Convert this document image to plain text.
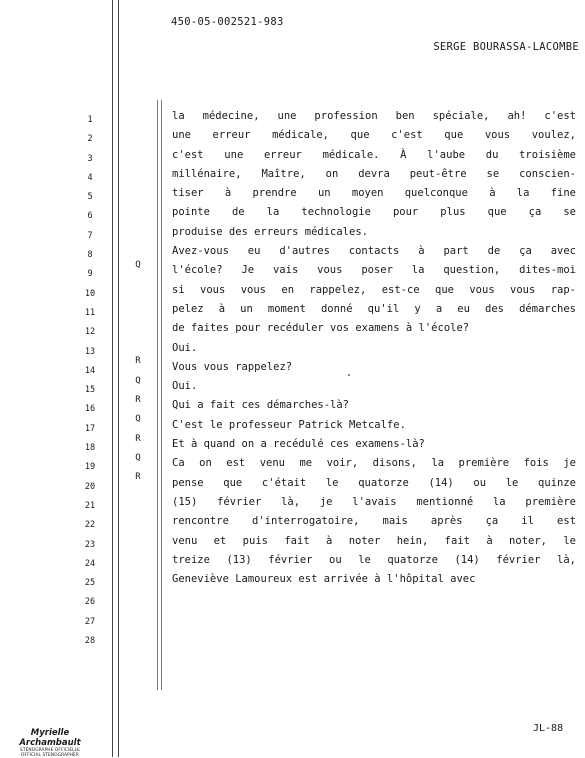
450-05-002521-983
SERGE BOURASSA-LACOMBE
1
2
3
4
5
6
7
8
9
10
11
12
13
14
15
16
17
18
19
20
21
22
23
24
25
26
27
28
Q
R
Q
R
Q
R
Q
R
la médecine, une profession ben spéciale, ah! c'est
une erreur médicale, que c'est que vous voulez,
c'est une erreur médicale. À l'aube du troisième
millénaire, Maître, on devra peut-être se conscien-
tiser à prendre un moyen quelconque à la fine
pointe de la technologie pour plus que ça se
produise des erreurs médicales.
Avez-vous eu d'autres contacts à part de ça avec
l'école? Je vais vous poser la question, dites-moi
si vous vous en rappelez, est-ce que vous vous rap-
pelez à un moment donné qu'il y a eu des démarches
de faites pour recéduler vos examens à l'école?
Oui.
Vous vous rappelez?
Oui.
Qui a fait ces démarches-là?
C'est le professeur Patrick Metcalfe.
Et à quand on a recédulé ces examens-là?
Ca on est venu me voir, disons, la première fois je
pense que c'était le quatorze (14) ou le quinze
(15) février là, je l'avais mentionné la première
rencontre d'interrogatoire, mais après ça il est
venu et puis fait à noter hein, fait à noter, le
treize (13) février ou le quatorze (14) février là,
Geneviève Lamoureux est arrivée à l'hôpital avec
JL-88
Myrielle Archambault
STÉNOGRAPHE OFFICIELLE
OFFICIAL STENOGRAPHER
